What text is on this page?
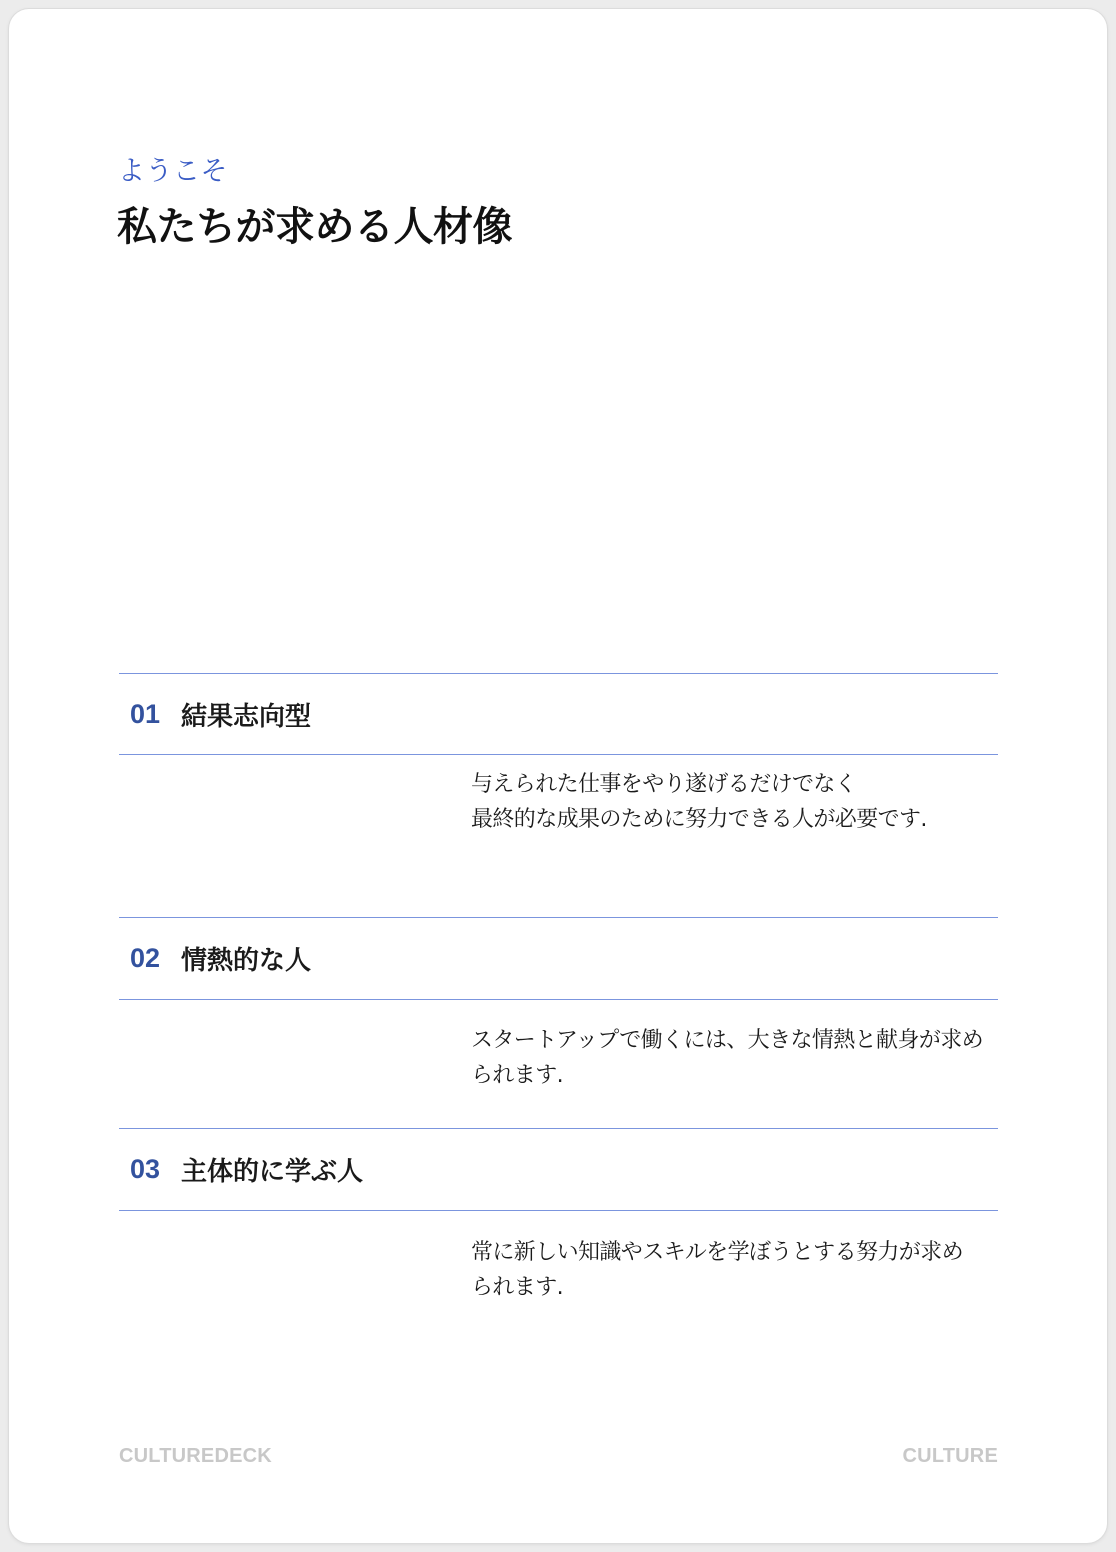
ようこそ
私たちが求める人材像
01 結果志向型
与えられた仕事をやり遂げるだけでなく
最終的な成果のために努力できる人が必要です.
02 情熱的な人
スタートアップで働くには、大きな情熱と献身が求め
られます.
03 主体的に学ぶ人
常に新しい知識やスキルを学ぼうとする努力が求め
られます.
CULTUREDECK	CULTURE
